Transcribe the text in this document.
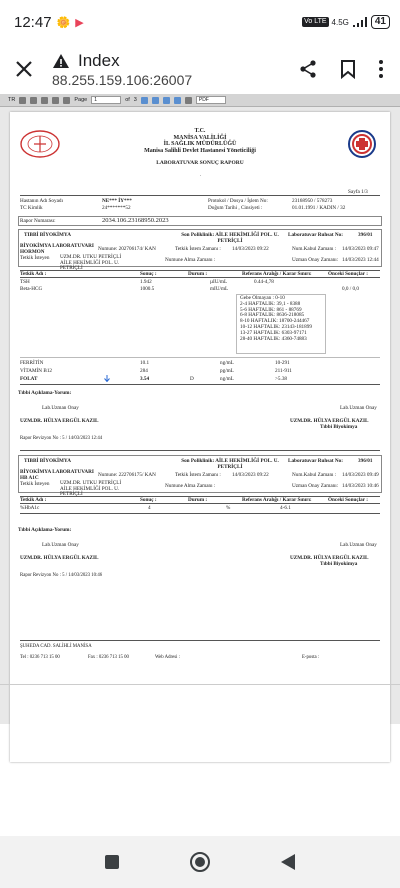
12:47 🌼 ▶	Vo LTE 4.5G	41
Index
88.255.159.106:26007
TR	Page	1	of 3	PDF
T.C.
MANİSA VALİLİĞİ
İL SAĞLIK MÜDÜRLÜĞÜ
Manisa Salihli Devlet Hastanesi Yöneticiliği
LABORATUVAR SONUÇ RAPORU
.
Sayfa 1/3
Hastanın Adı Soyadı	NE*** İY***	Protokol / Dosya / İşlem No:	23168950 / 578273
TC Kimlik	24*******52	Doğum Tarihi , Cinsiyeti :	01.01.1991 / KADIN / 32
Rapor Numarası:	2034.106.23168950.2023
TIBBİ BİYOKİMYA	Son Poliklinik: AİLE HEKİMLİĞİ POL. U. PETRİÇLİ
Laboratuvar Ruhsat No:	396/01
BİYOKİMYA LABORATUVARI HORMON	Numune: 202706174/ KAN	Tetkik İstem Zamanı : 14/03/2023 09:22	Num.Kabul Zamanı : 14/03/2023 09:47
Tetkik İsteyen UZM.DR. UTKU PETRİÇLİ AİLE HEKİMLİĞİ POL. U. PETRİÇLİ
Numune Alma Zamanı :	Uzman Onay Zamanı: 14/03/2023 12:44
Tetkik Adı :	Sonuç :	Durum :	Referans Aralığı / Karar Sınırı:	Önceki Sonuçlar :
TSH	1.942	µIU/mL	0.44-4,78
Beta-HCG	1000.5	mIU/mL	0,0 / 0,0
Gebe Olmayan : 0-10
2-4 HAFTALIK: 39,1 - 8388
5-6 HAFTALIK: 861 - 88769
6-8 HAFTALIK: 8636-218085
8-10 HAFTALIK: 18700-244467
10-12 HAFTALIK: 23143-181899
13-27 HAFTALIK: 6303-97171
28-40 HAFTALIK: 4360-74883
FERRİTİN	10.1	ng/mL	10-291
VİTAMİN B12	284	pg/mL	211-911
FOLAT	3.54	D	ng/mL	>5.38
Tıbbi Açıklama-Yorum:
Lab.Uzman Onay
UZM.DR. HÜLYA ERGÜL KAZIL
Lab.Uzman Onay
UZM.DR. HÜLYA ERGÜL KAZIL
Tıbbi Biyokimya
Rapor Revizyon No : 5 / 14/03/2023 12:44
TIBBİ BİYOKİMYA	Son Poliklinik: AİLE HEKİMLİĞİ POL. U. PETRİÇLİ
Laboratuvar Ruhsat No:	396/01
BİYOKİMYA LABORATUVARI HB A1C	Numune: 222706175/ KAN	Tetkik İstem Zamanı : 14/03/2023 09:22	Num.Kabul Zamanı : 14/03/2023 09:49
Tetkik İsteyen UZM.DR. UTKU PETRİÇLİ AİLE HEKİMLİĞİ POL. U. PETRİÇLİ
Numune Alma Zamanı :	Uzman Onay Zamanı: 14/03/2023 10:46
Tetkik Adı :	Sonuç :	Durum :	Referans Aralığı / Karar Sınırı:	Önceki Sonuçlar :
%HbA1c	4	%	4-6.1
Tıbbi Açıklama-Yorum:
Lab.Uzman Onay
UZM.DR. HÜLYA ERGÜL KAZIL
Lab.Uzman Onay
UZM.DR. HÜLYA ERGÜL KAZIL
Tıbbi Biyokimya
Rapor Revizyon No : 5 / 14/03/2023 10:46
ŞUHEDA CAD. SALİHLİ MANİSA
Tel : 0236 713 15 00	Fax : 0236 713 15 00	Web Adresi :	E-posta :
